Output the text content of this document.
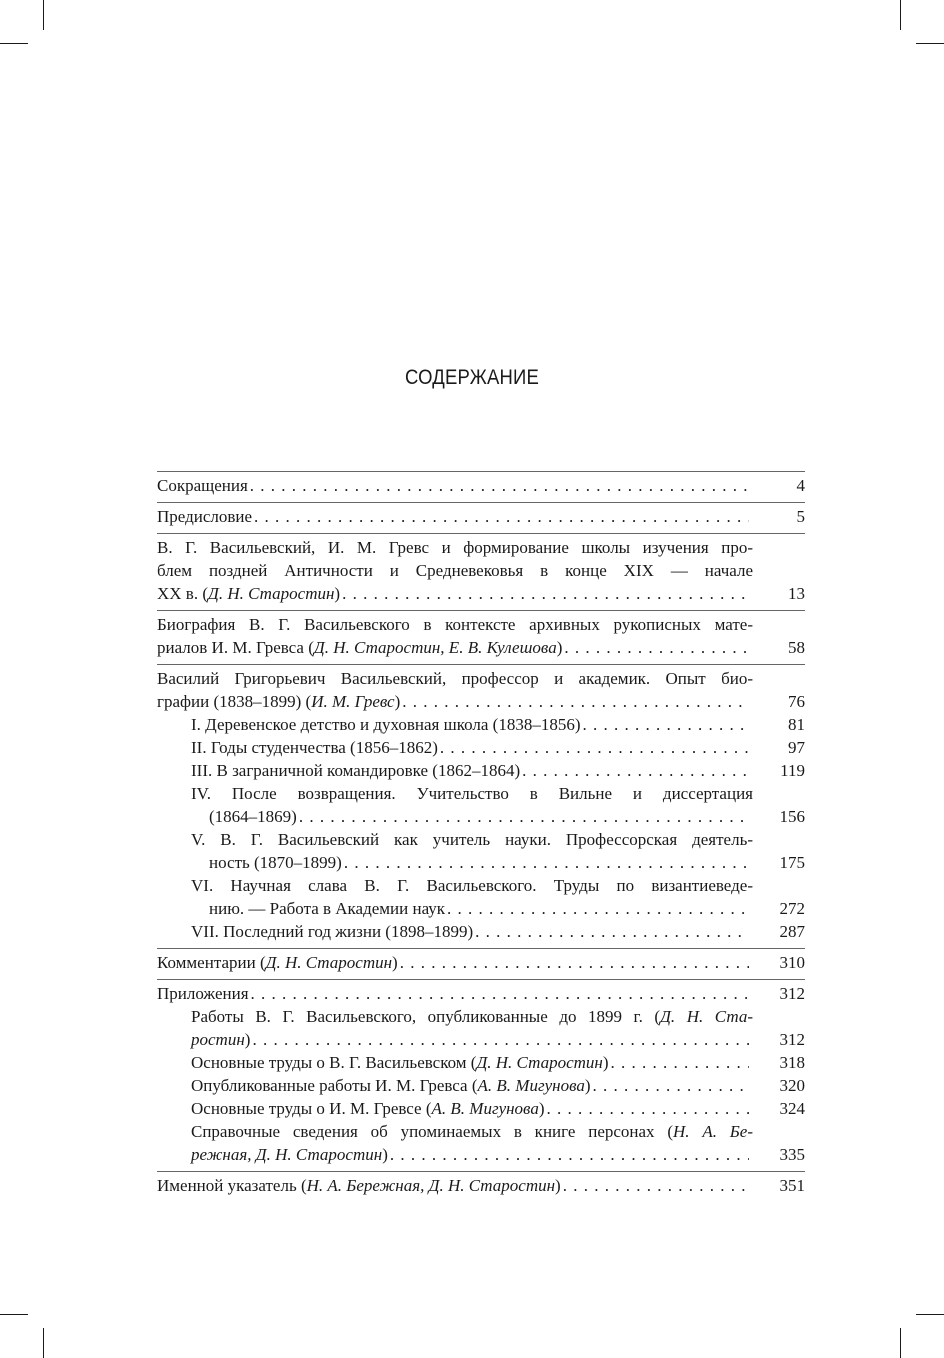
СОДЕРЖАНИЕ
Сокращения . . .	4
Предисловие . . .	5
В. Г. Васильевский, И. М. Гревс и формирование школы изучения про-
блем поздней Античности и Средневековья в конце XIX — начале
XX в. (Д. Н. Старостин) . . .	13
Биография В. Г. Васильевского в контексте архивных рукописных мате-
риалов И. М. Гревса (Д. Н. Старостин, Е. В. Кулешова) . . .	58
Василий Григорьевич Васильевский, профессор и академик. Опыт био-
графии (1838–1899) (И. М. Гревс) . . .	76
I. Деревенское детство и духовная школа (1838–1856) . . .	81
II. Годы студенчества (1856–1862) . . .	97
III. В заграничной командировке (1862–1864) . . .	119
IV. После возвращения. Учительство в Вильне и диссертация
(1864–1869) . . .	156
V. В. Г. Васильевский как учитель науки. Профессорская деятель-
ность (1870–1899) . . .	175
VI. Научная слава В. Г. Васильевского. Труды по византиеведе-
нию. — Работа в Академии наук . . .	272
VII. Последний год жизни (1898–1899) . . .	287
Комментарии (Д. Н. Старостин) . . .	310
Приложения . . .	312
Работы В. Г. Васильевского, опубликованные до 1899 г. (Д. Н. Ста-
ростин) . . .	312
Основные труды о В. Г. Васильевском (Д. Н. Старостин) . . .	318
Опубликованные работы И. М. Гревса (А. В. Мигунова) . . .	320
Основные труды о И. М. Гревсе (А. В. Мигунова) . . .	324
Справочные сведения об упоминаемых в книге персонах (Н. А. Бе-
режная, Д. Н. Старостин) . . .	335
Именной указатель (Н. А. Бережная, Д. Н. Старостин) . . .	351
